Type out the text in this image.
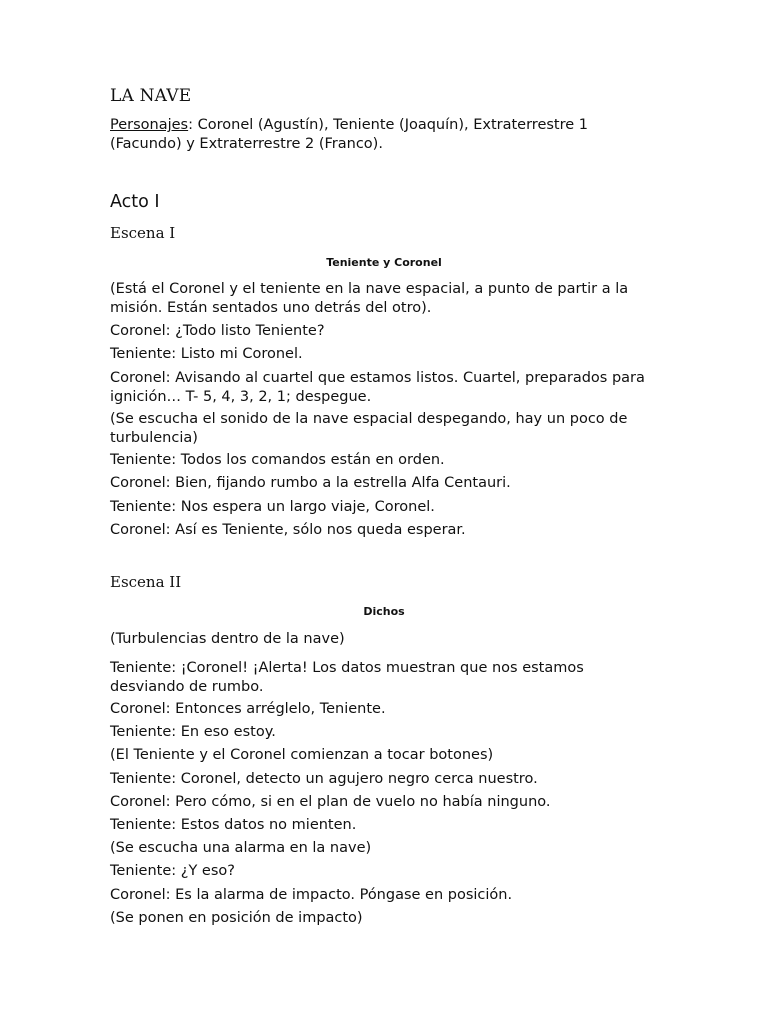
LA NAVE
Personajes: Coronel (Agustín), Teniente (Joaquín), Extraterrestre 1 (Facundo) y Extraterrestre 2 (Franco).
Acto I
Escena I
Teniente y Coronel
(Está el Coronel y el teniente en la nave espacial, a punto de partir a la misión. Están sentados uno detrás del otro).
Coronel: ¿Todo listo Teniente?
Teniente: Listo mi Coronel.
Coronel: Avisando al cuartel que estamos listos. Cuartel, preparados para ignición… T- 5, 4, 3, 2, 1; despegue.
(Se escucha el sonido de la nave espacial despegando, hay un poco de turbulencia)
Teniente: Todos los comandos están en orden.
Coronel: Bien, fijando rumbo a la estrella Alfa Centauri.
Teniente: Nos espera un largo viaje, Coronel.
Coronel: Así es Teniente, sólo nos queda esperar.
Escena II
Dichos
(Turbulencias dentro de la nave)
Teniente: ¡Coronel! ¡Alerta! Los datos muestran que nos estamos desviando de rumbo.
Coronel: Entonces arréglelo, Teniente.
Teniente: En eso estoy.
(El Teniente y el Coronel comienzan a tocar botones)
Teniente: Coronel, detecto un agujero negro cerca nuestro.
Coronel: Pero cómo, si en el plan de vuelo no había ninguno.
Teniente: Estos datos no mienten.
(Se escucha una alarma en la nave)
Teniente: ¿Y eso?
Coronel: Es la alarma de impacto. Póngase en posición.
(Se ponen en posición de impacto)
